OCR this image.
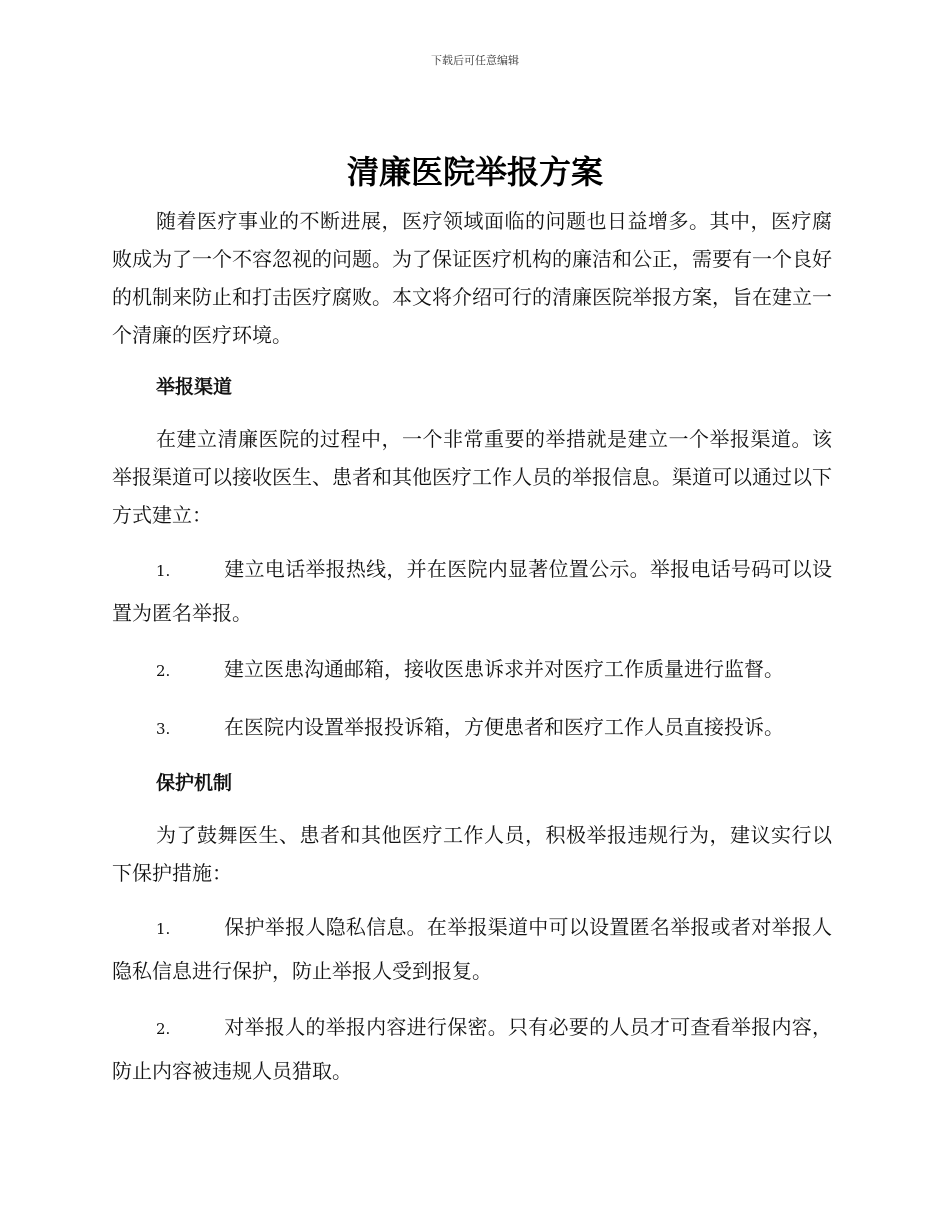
下载后可任意编辑
清廉医院举报方案

随着医疗事业的不断进展，医疗领域面临的问题也日益增多。其中，医疗腐败成为了一个不容忽视的问题。为了保证医疗机构的廉洁和公正，需要有一个良好的机制来防止和打击医疗腐败。本文将介绍可行的清廉医院举报方案，旨在建立一个清廉的医疗环境。

举报渠道

在建立清廉医院的过程中，一个非常重要的举措就是建立一个举报渠道。该举报渠道可以接收医生、患者和其他医疗工作人员的举报信息。渠道可以通过以下方式建立：

1.	建立电话举报热线，并在医院内显著位置公示。举报电话号码可以设置为匿名举报。
2.	建立医患沟通邮箱，接收医患诉求并对医疗工作质量进行监督。
3.	在医院内设置举报投诉箱，方便患者和医疗工作人员直接投诉。
保护机制

为了鼓舞医生、患者和其他医疗工作人员，积极举报违规行为，建议实行以下保护措施：

1.	保护举报人隐私信息。在举报渠道中可以设置匿名举报或者对举报人隐私信息进行保护，防止举报人受到报复。
2.	对举报人的举报内容进行保密。只有必要的人员才可查看举报内容，防止内容被违规人员猎取。
